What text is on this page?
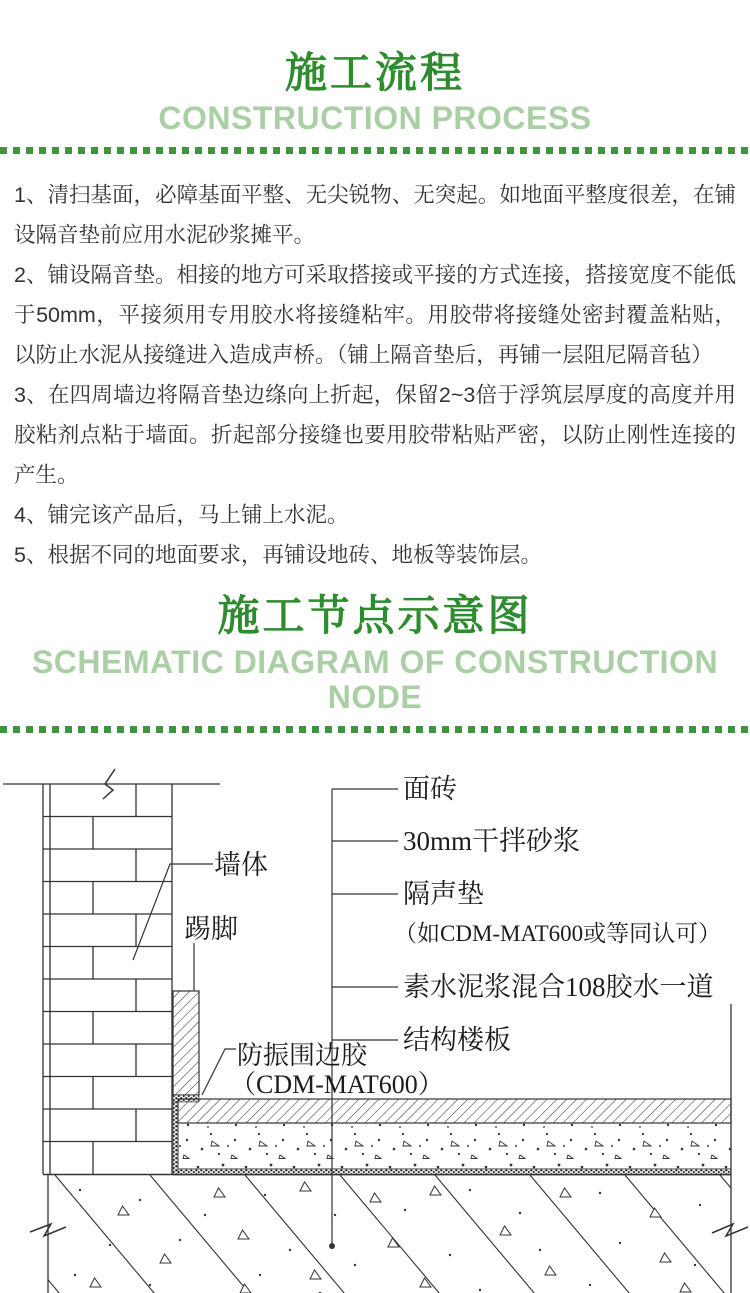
施工流程
CONSTRUCTION PROCESS

1、清扫基面，必障基面平整、无尖锐物、无突起。如地面平整度很差，在铺设隔音垫前应用水泥砂浆摊平。

2、铺设隔音垫。相接的地方可采取搭接或平接的方式连接，搭接宽度不能低于50mm，平接须用专用胶水将接缝粘牢。用胶带将接缝处密封覆盖粘贴，以防止水泥从接缝进入造成声桥。（铺上隔音垫后，再铺一层阻尼隔音毡）

3、在四周墙边将隔音垫边绦向上折起，保留2~3倍于浮筑层厚度的高度并用胶粘剂点粘于墙面。折起部分接缝也要用胶带粘贴严密，以防止刚性连接的产生。

4、铺完该产品后，马上铺上水泥。

5、根据不同的地面要求，再铺设地砖、地板等装饰层。

施工节点示意图
SCHEMATIC DIAGRAM OF CONSTRUCTION NODE
面砖
30mm干拌砂浆
隔声垫
（如CDM-MAT600或等同认可）
素水泥浆混合108胶水一道
结构楼板
墙体
踢脚
防振围边胶
（CDM-MAT600）
